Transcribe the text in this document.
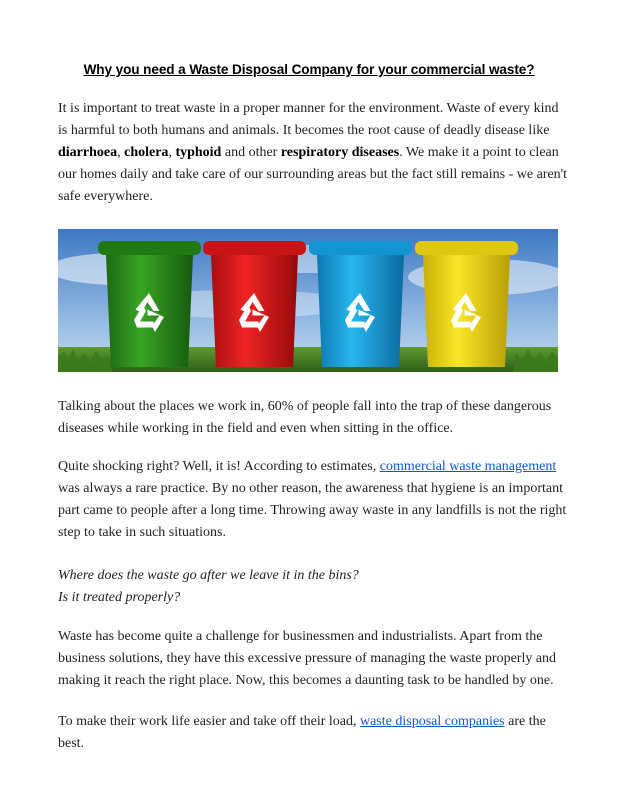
Why you need a Waste Disposal Company for your commercial waste?

It is important to treat waste in a proper manner for the environment. Waste of every kind is harmful to both humans and animals. It becomes the root cause of deadly disease like diarrhoea, cholera, typhoid and other respiratory diseases. We make it a point to clean our homes daily and take care of our surrounding areas but the fact still remains - we aren't safe everywhere.

Talking about the places we work in, 60% of people fall into the trap of these dangerous diseases while working in the field and even when sitting in the office.

Quite shocking right? Well, it is! According to estimates, commercial waste management was always a rare practice. By no other reason, the awareness that hygiene is an important part came to people after a long time. Throwing away waste in any landfills is not the right step to take in such situations.

Where does the waste go after we leave it in the bins?
Is it treated properly?

Waste has become quite a challenge for businessmen and industrialists. Apart from the business solutions, they have this excessive pressure of managing the waste properly and making it reach the right place. Now, this becomes a daunting task to be handled by one.

To make their work life easier and take off their load, waste disposal companies are the best.
